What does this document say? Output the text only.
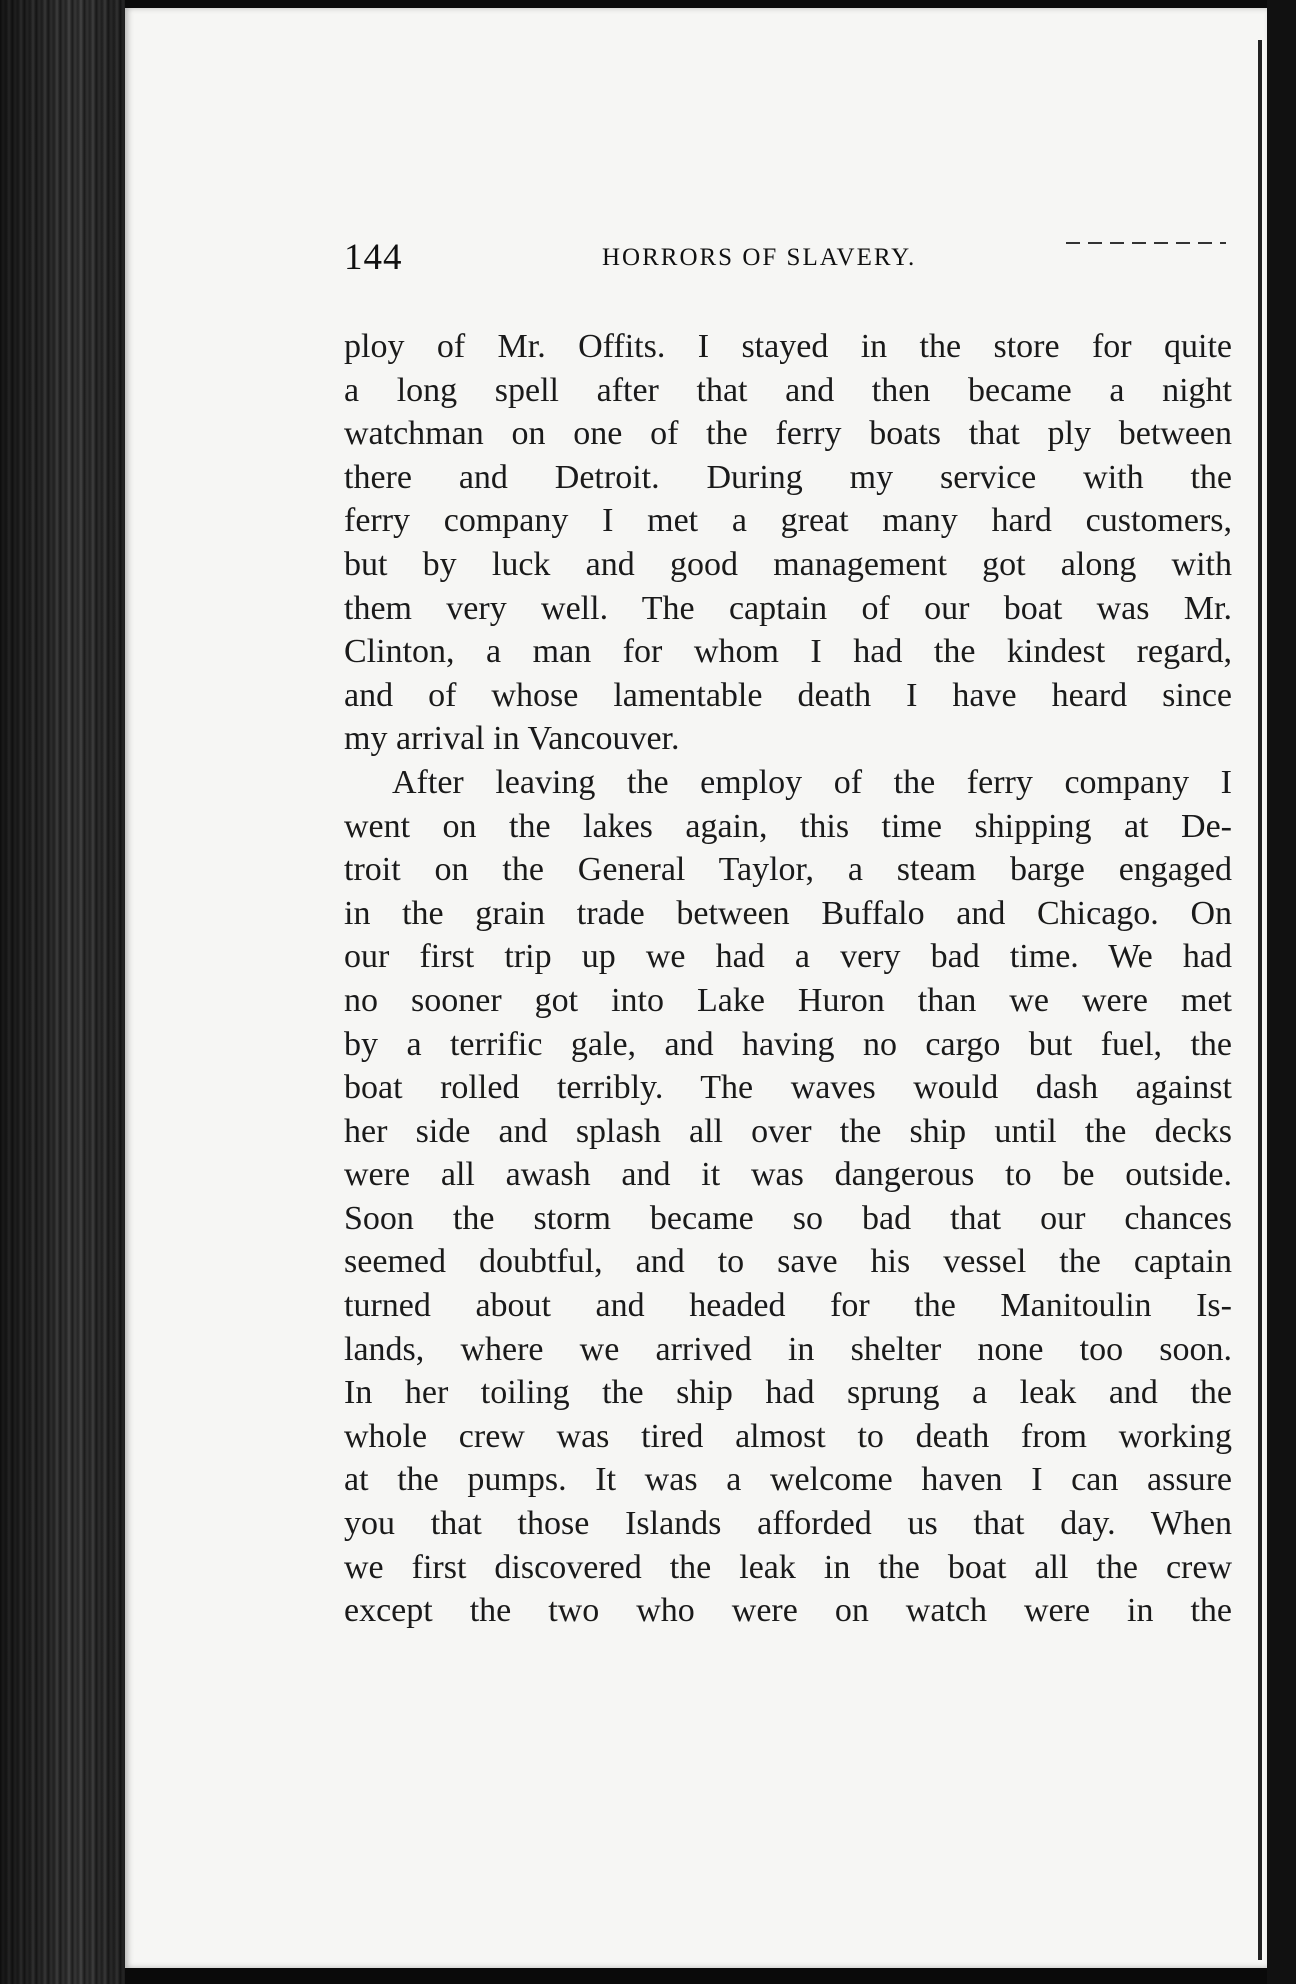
144	HORRORS OF SLAVERY.
ploy of Mr. Offits. I stayed in the store for quite
a long spell after that and then became a night
watchman on one of the ferry boats that ply between
there and Detroit. During my service with the
ferry company I met a great many hard customers,
but by luck and good management got along with
them very well. The captain of our boat was Mr.
Clinton, a man for whom I had the kindest regard,
and of whose lamentable death I have heard since
my arrival in Vancouver.
After leaving the employ of the ferry company I
went on the lakes again, this time shipping at De-
troit on the General Taylor, a steam barge engaged
in the grain trade between Buffalo and Chicago. On
our first trip up we had a very bad time. We had
no sooner got into Lake Huron than we were met
by a terrific gale, and having no cargo but fuel, the
boat rolled terribly. The waves would dash against
her side and splash all over the ship until the decks
were all awash and it was dangerous to be outside.
Soon the storm became so bad that our chances
seemed doubtful, and to save his vessel the captain
turned about and headed for the Manitoulin Is-
lands, where we arrived in shelter none too soon.
In her toiling the ship had sprung a leak and the
whole crew was tired almost to death from working
at the pumps. It was a welcome haven I can assure
you that those Islands afforded us that day. When
we first discovered the leak in the boat all the crew
except the two who were on watch were in the
